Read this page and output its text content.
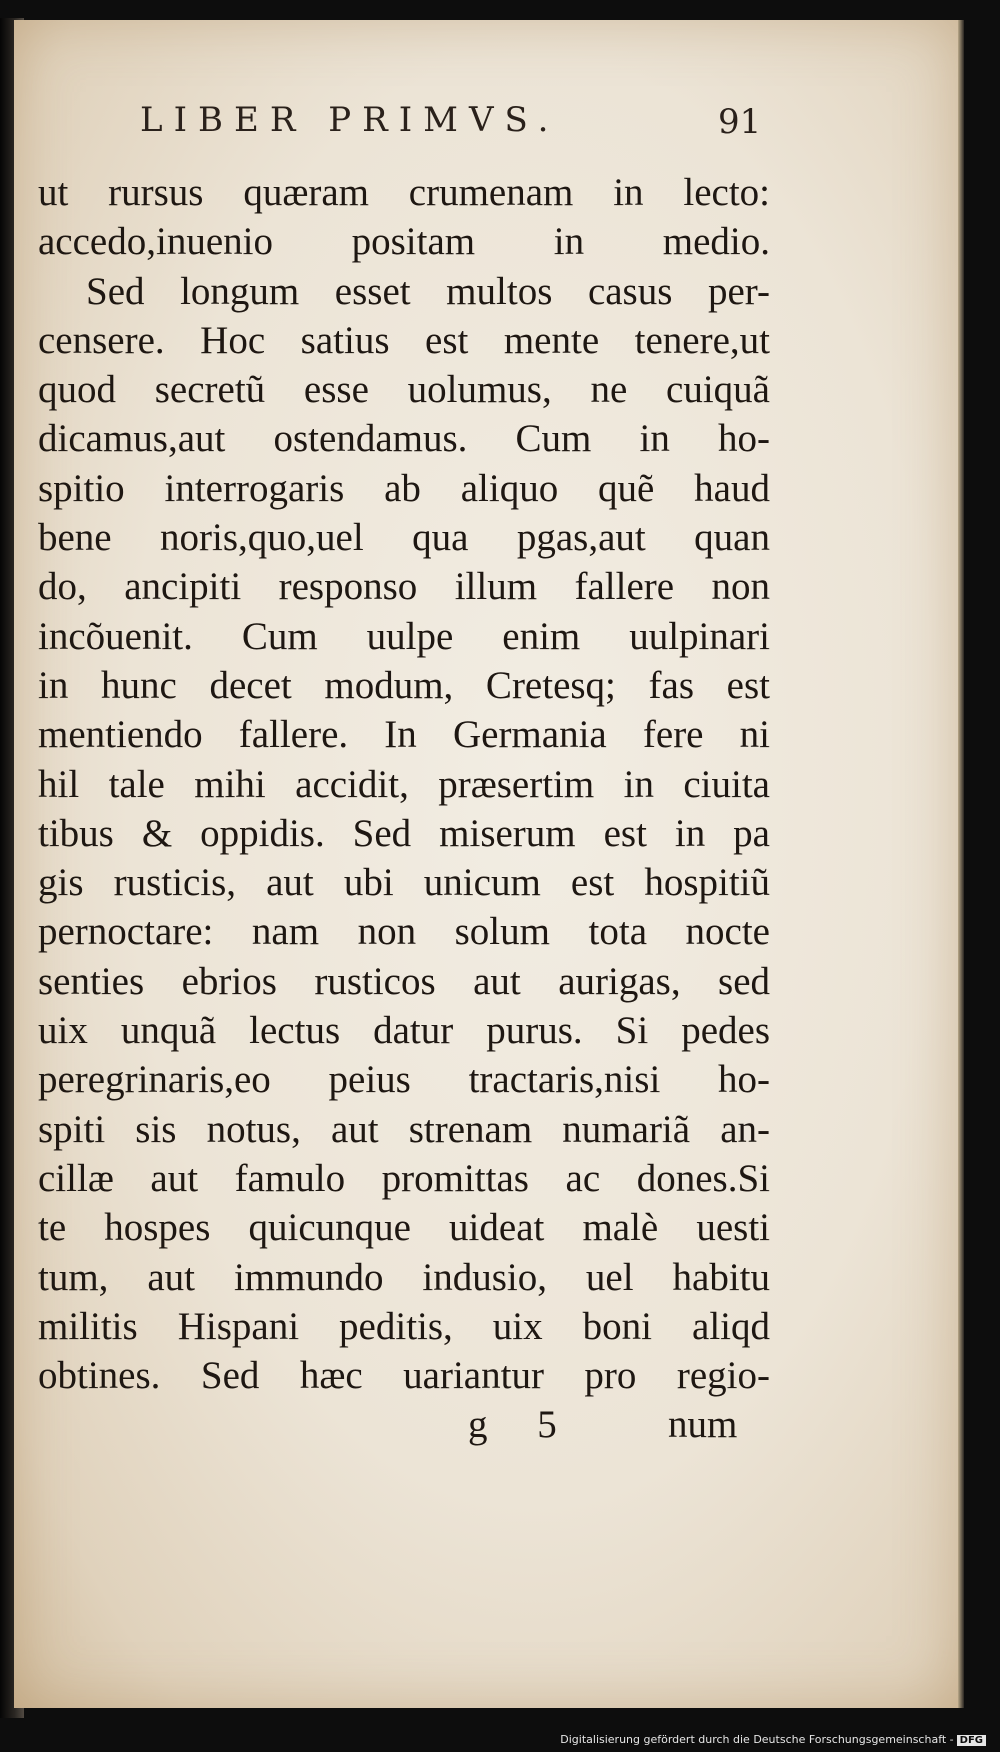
LIBER PRIMVS.	91
ut rursus quæram crumenam in lecto:
accedo,inuenio positam in medio.
Sed longum esset multos casus per-
censere. Hoc satius est mente tenere,ut
quod secretũ esse uolumus, ne cuiquã
dicamus,aut ostendamus. Cum in ho-
spitio interrogaris ab aliquo quẽ haud
bene noris,quo,uel qua pgas,aut quan
do, ancipiti responso illum fallere non
incõuenit. Cum uulpe enim uulpinari
in hunc decet modum, Cretesq; fas est
mentiendo fallere. In Germania fere ni
hil tale mihi accidit, præsertim in ciuita
tibus & oppidis. Sed miserum est in pa
gis rusticis, aut ubi unicum est hospitiũ
pernoctare: nam non solum tota nocte
senties ebrios rusticos aut aurigas, sed
uix unquã lectus datur purus. Si pedes
peregrinaris,eo peius tractaris,nisi ho-
spiti sis notus, aut strenam numariã an-
cillæ aut famulo promittas ac dones.Si
te hospes quicunque uideat malè uesti
tum, aut immundo indusio, uel habitu
militis Hispani peditis, uix boni aliqd
obtines. Sed hæc uariantur pro regio-
g 5 num
Digitalisierung gefördert durch die Deutsche Forschungsgemeinschaft - DFG
